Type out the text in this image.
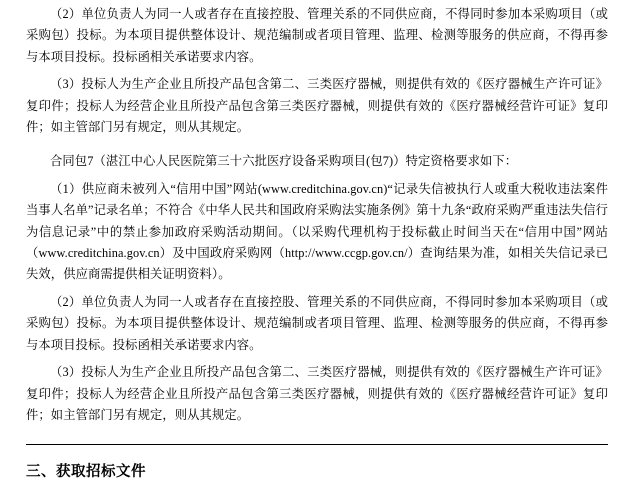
（2）单位负责人为同一人或者存在直接控股、管理关系的不同供应商，不得同时参加本采购项目（或采购包）投标。为本项目提供整体设计、规范编制或者项目管理、监理、检测等服务的供应商，不得再参与本项目投标。投标函相关承诺要求内容。

（3）投标人为生产企业且所投产品包含第二、三类医疗器械，则提供有效的《医疗器械生产许可证》复印件；投标人为经营企业且所投产品包含第三类医疗器械，则提供有效的《医疗器械经营许可证》复印件；如主管部门另有规定，则从其规定。

合同包7（湛江中心人民医院第三十六批医疗设备采购项目(包7)）特定资格要求如下：

（1）供应商未被列入“信用中国”网站(www.creditchina.gov.cn)“记录失信被执行人或重大税收违法案件当事人名单”记录名单；不符合《中华人民共和国政府采购法实施条例》第十九条“政府采购严重违法失信行为信息记录”中的禁止参加政府采购活动期间。（以采购代理机构于投标截止时间当天在“信用中国”网站（www.creditchina.gov.cn）及中国政府采购网（http://www.ccgp.gov.cn/）查询结果为准，如相关失信记录已失效，供应商需提供相关证明资料）。

（2）单位负责人为同一人或者存在直接控股、管理关系的不同供应商，不得同时参加本采购项目（或采购包）投标。为本项目提供整体设计、规范编制或者项目管理、监理、检测等服务的供应商，不得再参与本项目投标。投标函相关承诺要求内容。

（3）投标人为生产企业且所投产品包含第二、三类医疗器械，则提供有效的《医疗器械生产许可证》复印件；投标人为经营企业且所投产品包含第三类医疗器械，则提供有效的《医疗器械经营许可证》复印件；如主管部门另有规定，则从其规定。

三、获取招标文件
